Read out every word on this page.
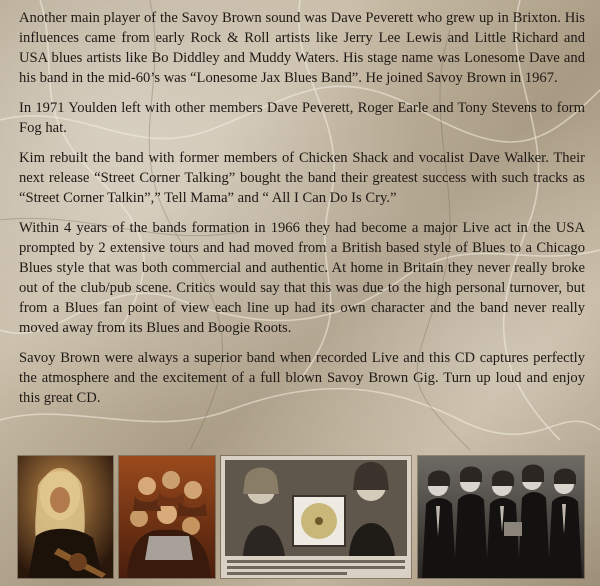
Another main player of the Savoy Brown sound was Dave Peverett who grew up in Brixton. His influences came from early Rock & Roll artists like Jerry Lee Lewis and Little Richard and USA blues artists like Bo Diddley and Muddy Waters. His stage name was Lonesome Dave and his band in the mid-60’s was “Lonesome Jax Blues Band”. He joined Savoy Brown in 1967.

In 1971 Youlden left with other members Dave Peverett, Roger Earle and Tony Stevens to form Fog hat.

Kim rebuilt the band with former members of Chicken Shack and vocalist Dave Walker. Their next release “Street Corner Talking” bought the band their greatest success with such tracks as “Street Corner Talkin”,” Tell Mama” and “ All I Can Do Is Cry.”

Within 4 years of the bands formation in 1966 they had become a major Live act in the USA prompted by 2 extensive tours and had moved from a British based style of Blues to a Chicago Blues style that was both commercial and authentic. At home in Britain they never really broke out of the club/pub scene. Critics would say that this was due to the high personal turnover, but from a Blues fan point of view each line up had its own character and the band never really moved away from its Blues and Boogie Roots.

Savoy Brown were always a superior band when recorded Live and this CD captures perfectly the atmosphere and the excitement of a full blown Savoy Brown Gig. Turn up loud and enjoy this great CD.
